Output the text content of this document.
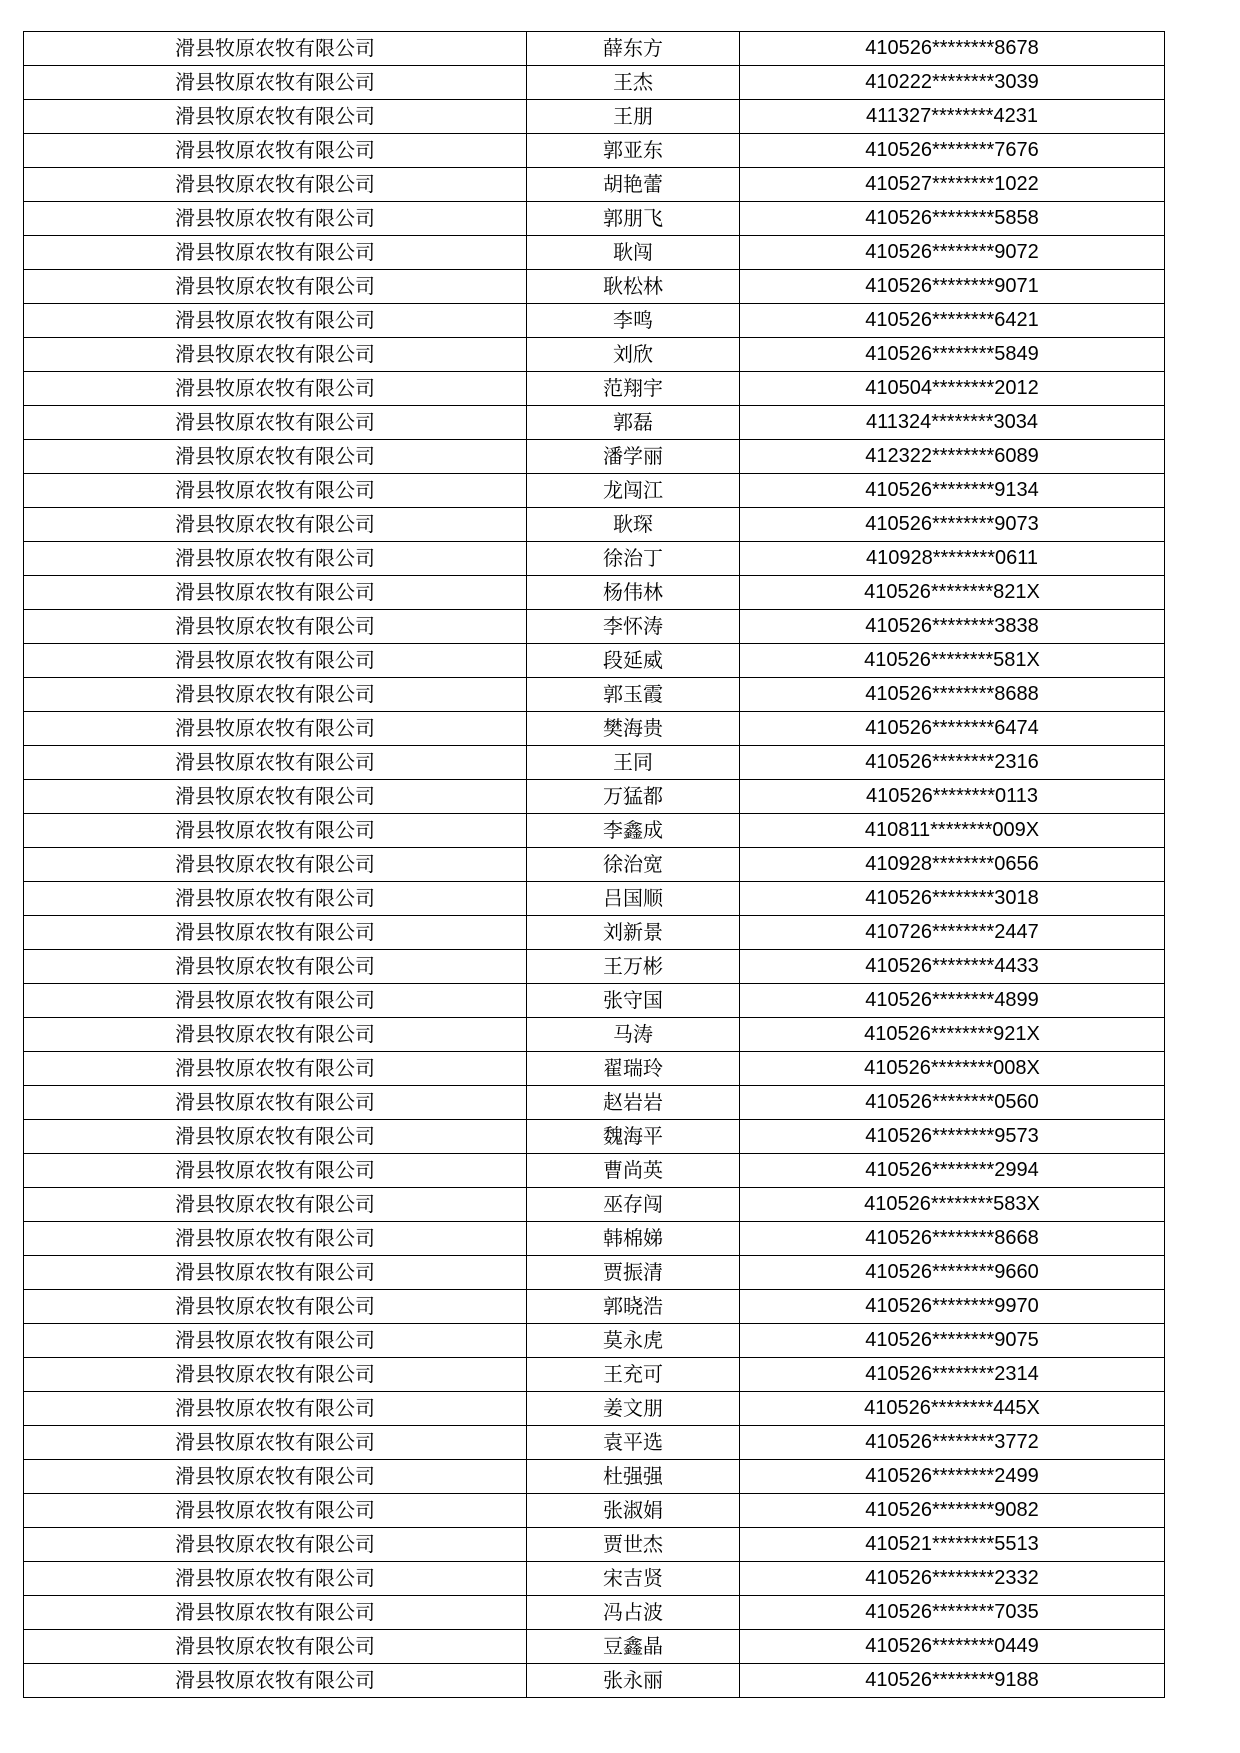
滑县牧原农牧有限公司	薛东方	410526********8678
滑县牧原农牧有限公司	王杰	410222********3039
滑县牧原农牧有限公司	王朋	411327********4231
滑县牧原农牧有限公司	郭亚东	410526********7676
滑县牧原农牧有限公司	胡艳蕾	410527********1022
滑县牧原农牧有限公司	郭朋飞	410526********5858
滑县牧原农牧有限公司	耿闯	410526********9072
滑县牧原农牧有限公司	耿松林	410526********9071
滑县牧原农牧有限公司	李鸣	410526********6421
滑县牧原农牧有限公司	刘欣	410526********5849
滑县牧原农牧有限公司	范翔宇	410504********2012
滑县牧原农牧有限公司	郭磊	411324********3034
滑县牧原农牧有限公司	潘学丽	412322********6089
滑县牧原农牧有限公司	龙闯江	410526********9134
滑县牧原农牧有限公司	耿琛	410526********9073
滑县牧原农牧有限公司	徐治丁	410928********0611
滑县牧原农牧有限公司	杨伟林	410526********821X
滑县牧原农牧有限公司	李怀涛	410526********3838
滑县牧原农牧有限公司	段延威	410526********581X
滑县牧原农牧有限公司	郭玉霞	410526********8688
滑县牧原农牧有限公司	樊海贵	410526********6474
滑县牧原农牧有限公司	王同	410526********2316
滑县牧原农牧有限公司	万猛都	410526********0113
滑县牧原农牧有限公司	李鑫成	410811********009X
滑县牧原农牧有限公司	徐治宽	410928********0656
滑县牧原农牧有限公司	吕国顺	410526********3018
滑县牧原农牧有限公司	刘新景	410726********2447
滑县牧原农牧有限公司	王万彬	410526********4433
滑县牧原农牧有限公司	张守国	410526********4899
滑县牧原农牧有限公司	马涛	410526********921X
滑县牧原农牧有限公司	翟瑞玲	410526********008X
滑县牧原农牧有限公司	赵岩岩	410526********0560
滑县牧原农牧有限公司	魏海平	410526********9573
滑县牧原农牧有限公司	曹尚英	410526********2994
滑县牧原农牧有限公司	巫存闯	410526********583X
滑县牧原农牧有限公司	韩棉娣	410526********8668
滑县牧原农牧有限公司	贾振清	410526********9660
滑县牧原农牧有限公司	郭晓浩	410526********9970
滑县牧原农牧有限公司	莫永虎	410526********9075
滑县牧原农牧有限公司	王充可	410526********2314
滑县牧原农牧有限公司	姜文朋	410526********445X
滑县牧原农牧有限公司	袁平选	410526********3772
滑县牧原农牧有限公司	杜强强	410526********2499
滑县牧原农牧有限公司	张淑娟	410526********9082
滑县牧原农牧有限公司	贾世杰	410521********5513
滑县牧原农牧有限公司	宋吉贤	410526********2332
滑县牧原农牧有限公司	冯占波	410526********7035
滑县牧原农牧有限公司	豆鑫晶	410526********0449
滑县牧原农牧有限公司	张永丽	410526********9188
